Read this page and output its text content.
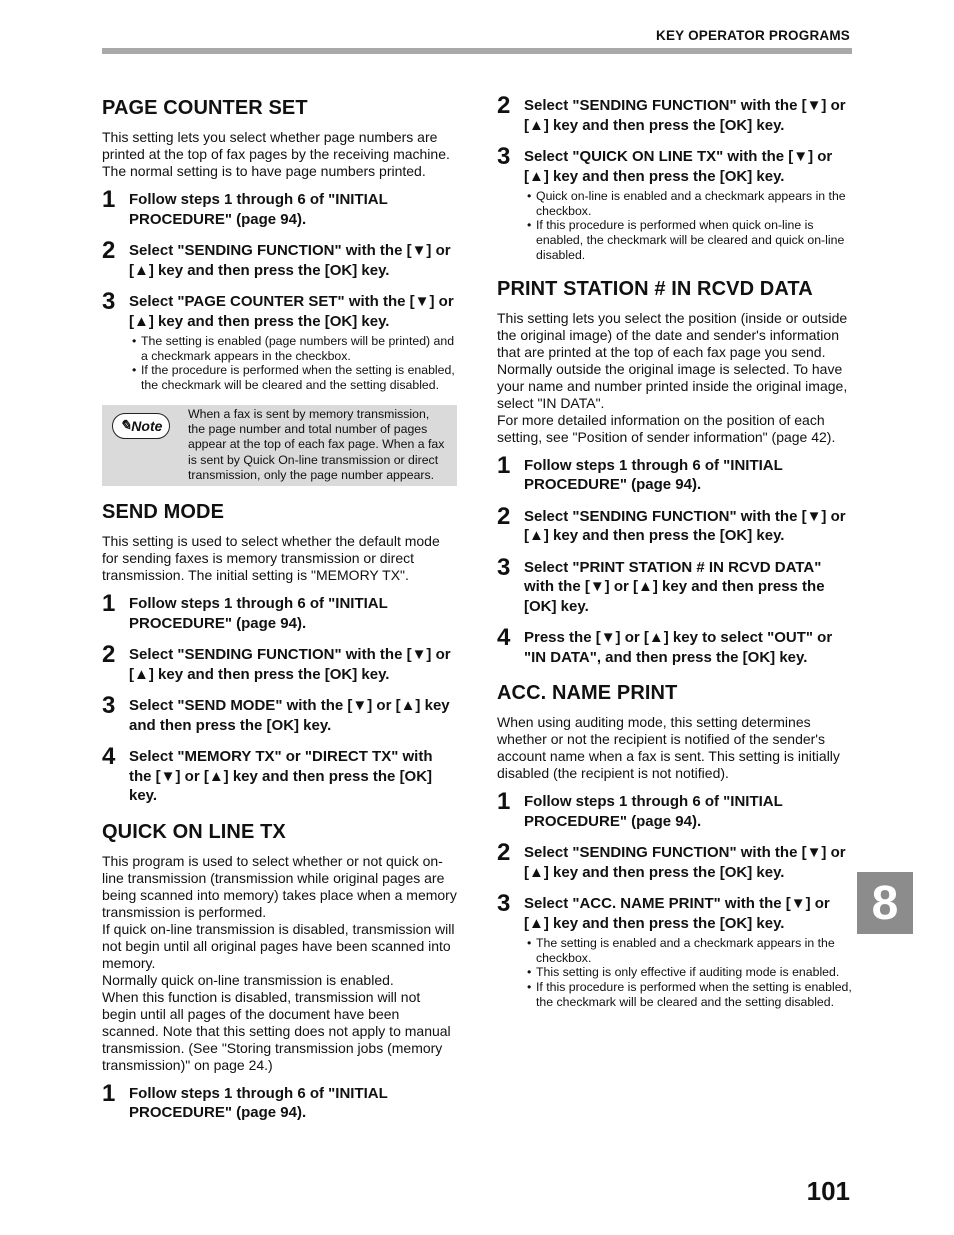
KEY OPERATOR PROGRAMS
PAGE COUNTER SET

This setting lets you select whether page numbers are printed at the top of fax pages by the receiving machine. The normal setting is to have page numbers printed.

1 Follow steps 1 through 6 of "INITIAL PROCEDURE" (page 94).
2 Select "SENDING FUNCTION" with the [▼] or [▲] key and then press the [OK] key.
3 Select "PAGE COUNTER SET" with the [▼] or [▲] key and then press the [OK] key.
• The setting is enabled (page numbers will be printed) and a checkmark appears in the checkbox.
• If the procedure is performed when the setting is enabled, the checkmark will be cleared and the setting disabled.
✎ Note
When a fax is sent by memory transmission, the page number and total number of pages appear at the top of each fax page. When a fax is sent by Quick On-line transmission or direct transmission, only the page number appears.
SEND MODE

This setting is used to select whether the default mode for sending faxes is memory transmission or direct transmission. The initial setting is "MEMORY TX".

1 Follow steps 1 through 6 of "INITIAL PROCEDURE" (page 94).
2 Select "SENDING FUNCTION" with the [▼] or [▲] key and then press the [OK] key.
3 Select "SEND MODE" with the [▼] or [▲] key and then press the [OK] key.
4 Select "MEMORY TX" or "DIRECT TX" with the [▼] or [▲] key and then press the [OK] key.
QUICK ON LINE TX

This program is used to select whether or not quick on-line transmission (transmission while original pages are being scanned into memory) takes place when a memory transmission is performed.
If quick on-line transmission is disabled, transmission will not begin until all original pages have been scanned into memory.
Normally quick on-line transmission is enabled.
When this function is disabled, transmission will not begin until all pages of the document have been scanned. Note that this setting does not apply to manual transmission. (See "Storing transmission jobs (memory transmission)" on page 24.)

1 Follow steps 1 through 6 of "INITIAL PROCEDURE" (page 94).
2 Select "SENDING FUNCTION" with the [▼] or [▲] key and then press the [OK] key.
3 Select "QUICK ON LINE TX" with the [▼] or [▲] key and then press the [OK] key.
• Quick on-line is enabled and a checkmark appears in the checkbox.
• If this procedure is performed when quick on-line is enabled, the checkmark will be cleared and quick on-line disabled.
PRINT STATION # IN RCVD DATA

This setting lets you select the position (inside or outside the original image) of the date and sender's information that are printed at the top of each fax page you send. Normally outside the original image is selected. To have your name and number printed inside the original image, select "IN DATA".
For more detailed information on the position of each setting, see "Position of sender information" (page 42).

1 Follow steps 1 through 6 of "INITIAL PROCEDURE" (page 94).
2 Select "SENDING FUNCTION" with the [▼] or [▲] key and then press the [OK] key.
3 Select "PRINT STATION # IN RCVD DATA" with the [▼] or [▲] key and then press the [OK] key.
4 Press the [▼] or [▲] key to select "OUT" or "IN DATA", and then press the [OK] key.
ACC. NAME PRINT

When using auditing mode, this setting determines whether or not the recipient is notified of the sender's account name when a fax is sent. This setting is initially disabled (the recipient is not notified).

1 Follow steps 1 through 6 of "INITIAL PROCEDURE" (page 94).
2 Select "SENDING FUNCTION" with the [▼] or [▲] key and then press the [OK] key.
3 Select "ACC. NAME PRINT" with the [▼] or [▲] key and then press the [OK] key.
• The setting is enabled and a checkmark appears in the checkbox.
• This setting is only effective if auditing mode is enabled.
• If this procedure is performed when the setting is enabled, the checkmark will be cleared and the setting disabled.
8
101
